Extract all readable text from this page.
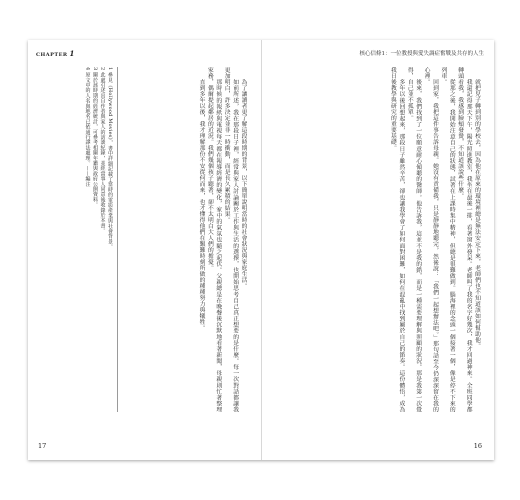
CHAPTER 1

為了讓讀者更了解這段時期的背景，以下簡單說明當時的社會狀況與家庭生活。

如前所述，我在那段日子裡，經常與家人討論關於工作與生活的選擇，也開始思考自己真正想要的是什麼。每一次對話都讓我更加明白，許多決定並非一時衝動，而是長久累積的結果。

那時候的報紙與電視每天都在報導經濟的變化，家中的氣氛也隨之起伏。父親總是在晚餐後沉默地看著新聞，母親則忙著整理家務，偶爾提起鄰居的近況。我們幾個孩子聽著，卻不太明白大人們的擔憂。

直到多年以後，我才理解那份不安從何而來，也才懂得他們在艱難時刻所做的種種努力與犧牲。

1 參見《Hollywood Movies》，書中詳細記載了當時的電影產業與社會背景。

2 此處引述出自作者與家人的訪談紀錄，並經當事人同意後收錄於本書。

3 關於該時期的經濟統計，可參考相關年鑑與政府公開資料。

4 原文中的人名與地名已依通行譯法處理。——編注

17
核心信條1：一位教授與愛失調症奮戰及共存的人生

就把兒子轉到別的學校去，因為他在原來的環境裡總是無法安定下來，老師們也不知道該如何幫助他。

我還記得那天下午，陽光照進教室，我坐在最後一排，看著窗外發呆。老師叫了我的名字好幾次，我才回過神來。全班同學都轉頭看我，我感到臉頰發燙，不知道該說些什麼。

從那之後，我開始注意自己的狀態，試著在上課時集中精神，但總是很難做到。腦海裡的念頭一個接著一個，像是停不下來的列車。

回到家，我把這件事告訴母親。她沒有責備我，只是靜靜地聽完，然後說：「我們一起想辦法吧。」那句話至今仍深深留在我的心裡。

後來，我們找到了一位願意耐心傾聽的醫師。他告訴我，這並不是我的錯，而是一種需要理解與照顧的狀況。那是我第一次覺得，自己並不孤單。

多年以後回想起來，那段日子雖然辛苦，卻也讓我學會了如何面對困難，如何在混亂中找到屬於自己的節奏。這份體悟，成為我日後教學與研究的重要基礎。

16
